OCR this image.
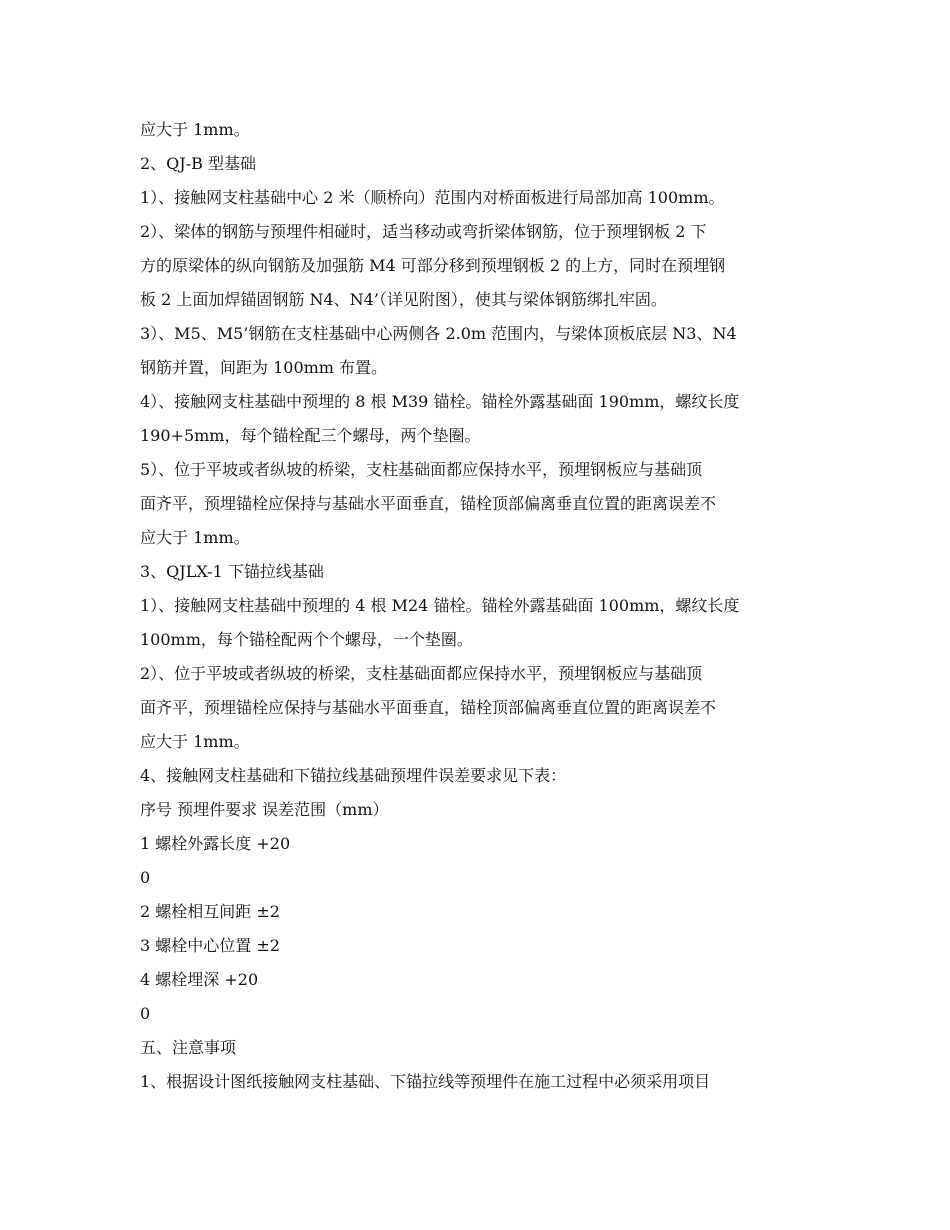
应大于 1mm。
2、QJ-B 型基础
1）、接触网支柱基础中心 2 米（顺桥向）范围内对桥面板进行局部加高 100mm。
2）、梁体的钢筋与预埋件相碰时，适当移动或弯折梁体钢筋，位于预埋钢板 2 下
方的原梁体的纵向钢筋及加强筋 M4 可部分移到预埋钢板 2 的上方，同时在预埋钢
板 2 上面加焊锚固钢筋 N4、N4’（详见附图），使其与梁体钢筋绑扎牢固。
3）、M5、M5’钢筋在支柱基础中心两侧各 2.0m 范围内，与梁体顶板底层 N3、N4
钢筋并置，间距为 100mm 布置。
4）、接触网支柱基础中预埋的 8 根 M39 锚栓。锚栓外露基础面 190mm，螺纹长度
190+5mm，每个锚栓配三个螺母，两个垫圈。
5）、位于平坡或者纵坡的桥梁，支柱基础面都应保持水平，预埋钢板应与基础顶
面齐平，预埋锚栓应保持与基础水平面垂直，锚栓顶部偏离垂直位置的距离误差不
应大于 1mm。
3、QJLX-1 下锚拉线基础
1）、接触网支柱基础中预埋的 4 根 M24 锚栓。锚栓外露基础面 100mm，螺纹长度
100mm，每个锚栓配两个个螺母，一个垫圈。
2）、位于平坡或者纵坡的桥梁，支柱基础面都应保持水平，预埋钢板应与基础顶
面齐平，预埋锚栓应保持与基础水平面垂直，锚栓顶部偏离垂直位置的距离误差不
应大于 1mm。
4、接触网支柱基础和下锚拉线基础预埋件误差要求见下表：
序号 预埋件要求 误差范围（mm）
1 螺栓外露长度 +20
0
2 螺栓相互间距 ±2
3 螺栓中心位置 ±2
4 螺栓埋深 +20
0
五、注意事项
1、根据设计图纸接触网支柱基础、下锚拉线等预埋件在施工过程中必须采用项目
